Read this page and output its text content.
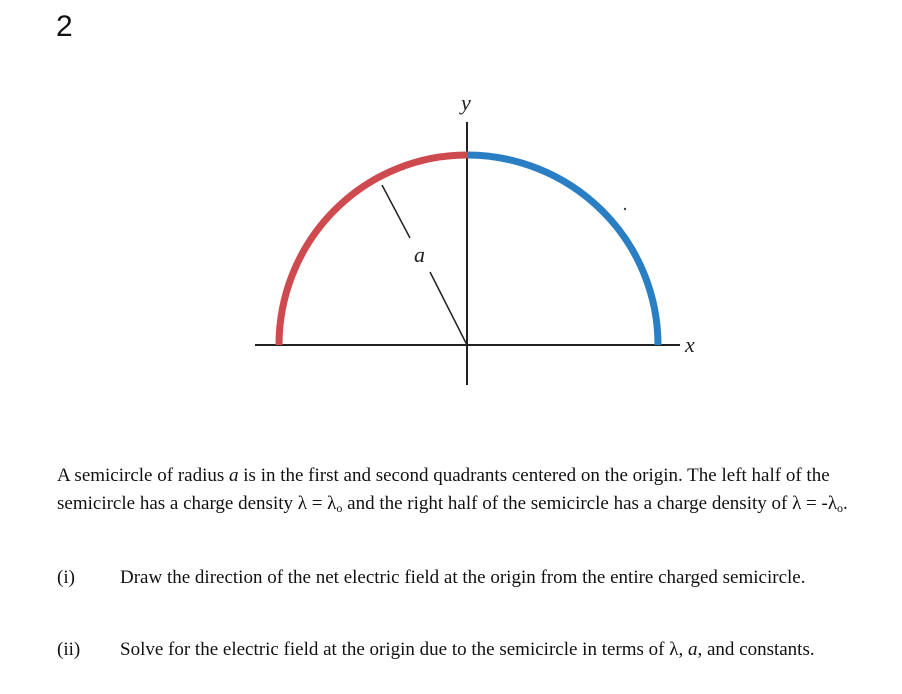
2
y
x
a
A semicircle of radius a is in the first and second quadrants centered on the origin. The left half of the semicircle has a charge density $\lambda = \lambda_o$ and the right half of the semicircle has a charge density of $\lambda = -\lambda_o$.
(i) Draw the direction of the net electric field at the origin from the entire charged semicircle.
(ii) Solve for the electric field at the origin due to the semicircle in terms of λ, a, and constants.
